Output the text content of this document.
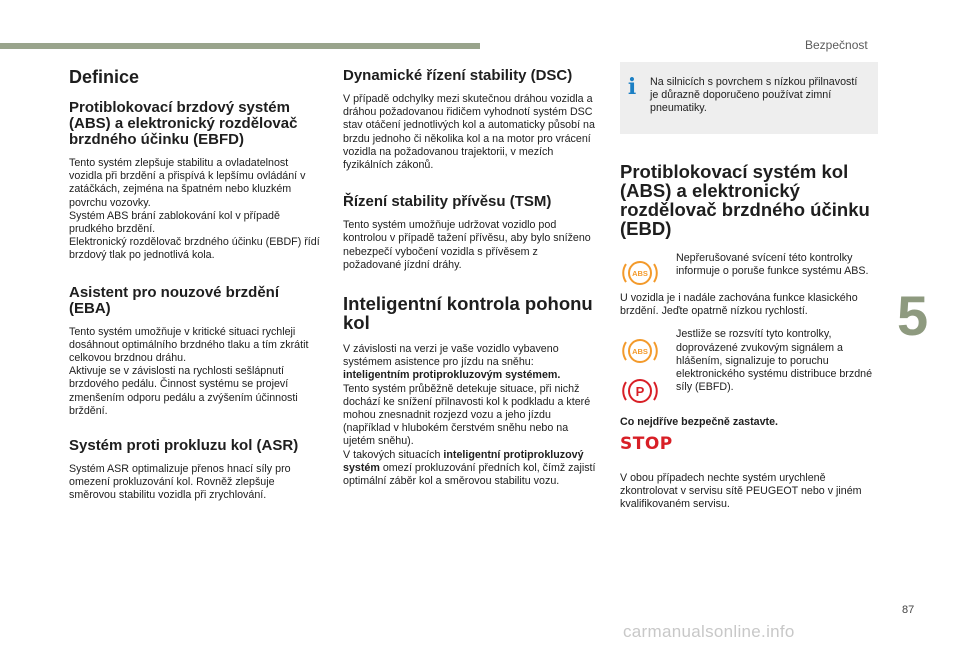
Bezpečnost
5
Definice
Protiblokovací brzdový systém (ABS) a elektronický rozdělovač brzdného účinku (EBFD)

Tento systém zlepšuje stabilitu a ovladatelnost vozidla při brzdění a přispívá k lepšímu ovládání v zatáčkách, zejména na špatném nebo kluzkém povrchu vozovky.

Systém ABS brání zablokování kol v případě prudkého brzdění.

Elektronický rozdělovač brzdného účinku (EBDF) řídí brzdový tlak po jednotlivá kola.

Asistent pro nouzové brzdění (EBA)

Tento systém umožňuje v kritické situaci rychleji dosáhnout optimálního brzdného tlaku a tím zkrátit celkovou brzdnou dráhu.

Aktivuje se v závislosti na rychlosti sešlápnutí brzdového pedálu. Činnost systému se projeví zmenšením odporu pedálu a zvýšením účinnosti brždění.

Systém proti prokluzu kol (ASR)

Systém ASR optimalizuje přenos hnací síly pro omezení prokluzování kol. Rovněž zlepšuje směrovou stabilitu vozidla při zrychlování.

Dynamické řízení stability (DSC)

V případě odchylky mezi skutečnou dráhou vozidla a dráhou požadovanou řidičem vyhodnotí systém DSC stav otáčení jednotlivých kol a automaticky působí na brzdu jednoho či několika kol a na motor pro vrácení vozidla na požadovanou trajektorii, v mezích fyzikálních zákonů.

Řízení stability přívěsu (TSM)

Tento systém umožňuje udržovat vozidlo pod kontrolou v případě tažení přívěsu, aby bylo sníženo nebezpečí vybočení vozidla s přívěsem z požadované jízdní dráhy.

Inteligentní kontrola pohonu kol

V závislosti na verzi je vaše vozidlo vybaveno systémem asistence pro jízdu na sněhu: inteligentním protiprokluzovým systémem.

Tento systém průběžně detekuje situace, při nichž dochází ke snížení přilnavosti kol k podkladu a které mohou znesnadnit rozjezd vozu a jeho jízdu (například v hlubokém čerstvém sněhu nebo na ujetém sněhu).

V takových situacích inteligentní protiprokluzový systém omezí prokluzování předních kol, čímž zajistí optimální záběr kol a směrovou stabilitu vozu.

i Na silnicích s povrchem s nízkou přilnavostí je důrazně doporučeno používat zimní pneumatiky.

Protiblokovací systém kol (ABS) a elektronický rozdělovač brzdného účinku (EBD)
ABS

Nepřerušované svícení této kontrolky informuje o poruše funkce systému ABS.

U vozidla je i nadále zachována funkce klasického brzdění. Jeďte opatrně nízkou rychlostí.

ABS
P

Jestliže se rozsvítí tyto kontrolky, doprovázené zvukovým signálem a hlášením, signalizuje to poruchu elektronického systému distribuce brzdné síly (EBFD).

Co nejdříve bezpečně zastavte.

STOP

V obou případech nechte systém urychleně zkontrolovat v servisu sítě PEUGEOT nebo v jiném kvalifikovaném servisu.

87
carmanualsonline.info
